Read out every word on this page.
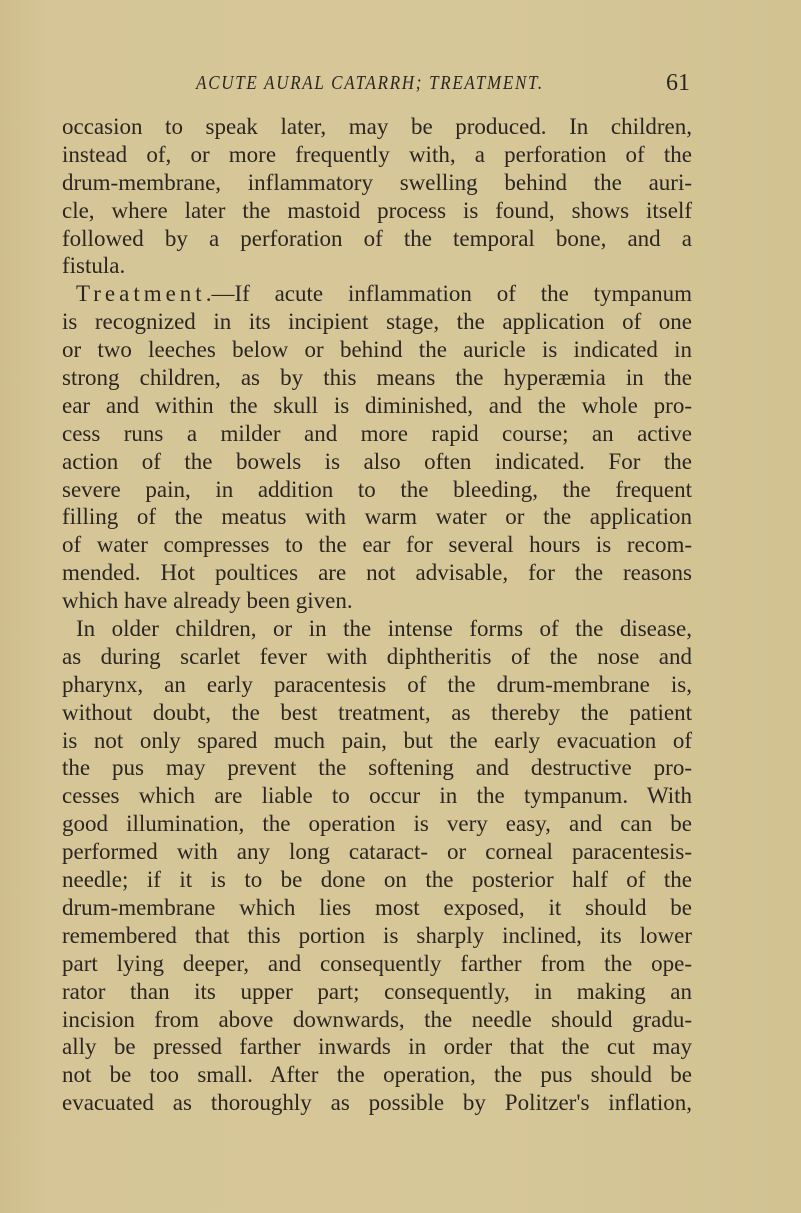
ACUTE AURAL CATARRH; TREATMENT.	61
occasion to speak later, may be produced. In children,
instead of, or more frequently with, a perforation of the
drum-membrane, inflammatory swelling behind the auri-
cle, where later the mastoid process is found, shows itself
followed by a perforation of the temporal bone, and a
fistula.
Treatment.—If acute inflammation of the tympanum
is recognized in its incipient stage, the application of one
or two leeches below or behind the auricle is indicated in
strong children, as by this means the hyperæmia in the
ear and within the skull is diminished, and the whole pro-
cess runs a milder and more rapid course; an active
action of the bowels is also often indicated. For the
severe pain, in addition to the bleeding, the frequent
filling of the meatus with warm water or the application
of water compresses to the ear for several hours is recom-
mended. Hot poultices are not advisable, for the reasons
which have already been given.
In older children, or in the intense forms of the disease,
as during scarlet fever with diphtheritis of the nose and
pharynx, an early paracentesis of the drum-membrane is,
without doubt, the best treatment, as thereby the patient
is not only spared much pain, but the early evacuation of
the pus may prevent the softening and destructive pro-
cesses which are liable to occur in the tympanum. With
good illumination, the operation is very easy, and can be
performed with any long cataract- or corneal paracentesis-
needle; if it is to be done on the posterior half of the
drum-membrane which lies most exposed, it should be
remembered that this portion is sharply inclined, its lower
part lying deeper, and consequently farther from the ope-
rator than its upper part; consequently, in making an
incision from above downwards, the needle should gradu-
ally be pressed farther inwards in order that the cut may
not be too small. After the operation, the pus should be
evacuated as thoroughly as possible by Politzer's inflation,
